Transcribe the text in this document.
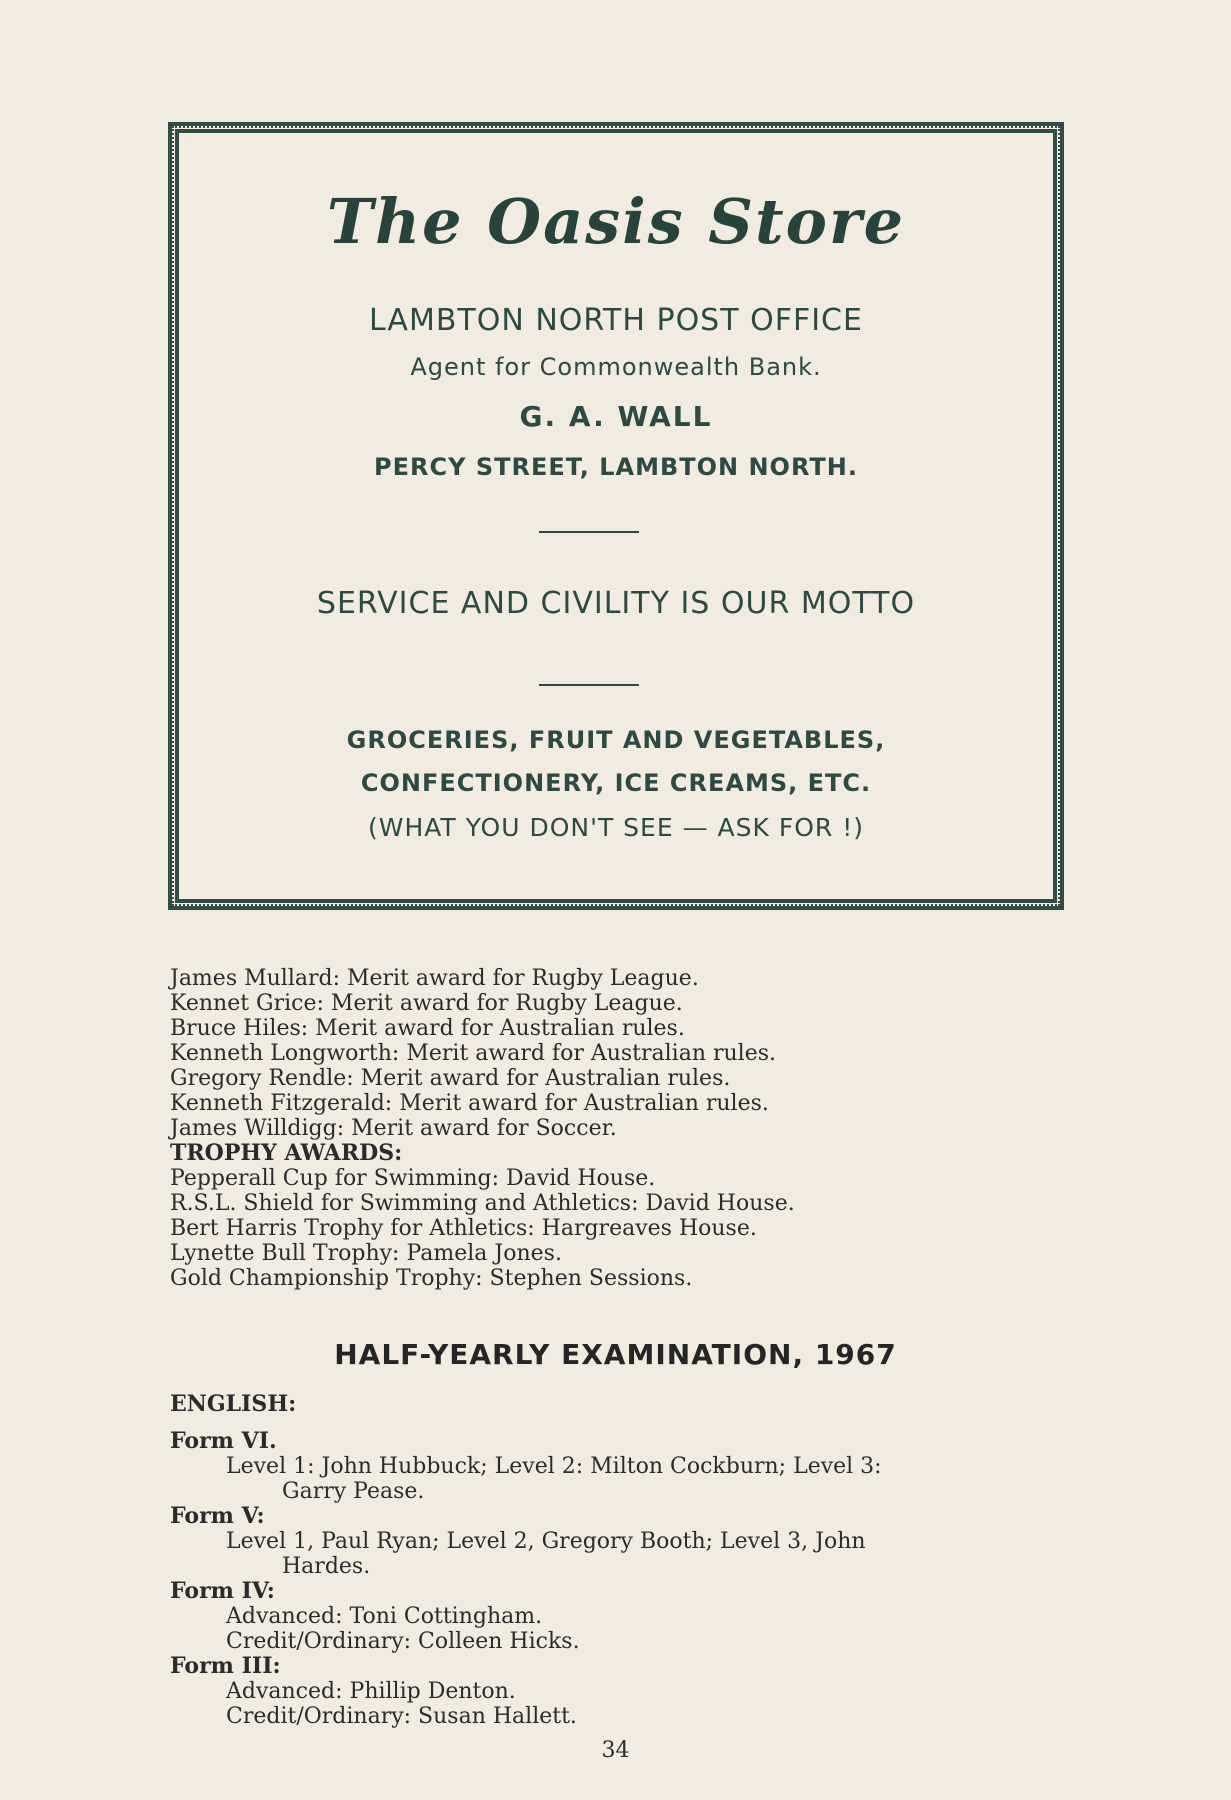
The Oasis Store
LAMBTON NORTH POST OFFICE
Agent for Commonwealth Bank.
G. A. WALL
PERCY STREET, LAMBTON NORTH.
SERVICE AND CIVILITY IS OUR MOTTO
GROCERIES, FRUIT AND VEGETABLES,
CONFECTIONERY, ICE CREAMS, ETC.
(WHAT YOU DON'T SEE — ASK FOR !)
James Mullard: Merit award for Rugby League.
Kennet Grice: Merit award for Rugby League.
Bruce Hiles: Merit award for Australian rules.
Kenneth Longworth: Merit award for Australian rules.
Gregory Rendle: Merit award for Australian rules.
Kenneth Fitzgerald: Merit award for Australian rules.
James Willdigg: Merit award for Soccer.
TROPHY AWARDS:
Pepperall Cup for Swimming: David House.
R.S.L. Shield for Swimming and Athletics: David House.
Bert Harris Trophy for Athletics: Hargreaves House.
Lynette Bull Trophy: Pamela Jones.
Gold Championship Trophy: Stephen Sessions.
HALF-YEARLY EXAMINATION, 1967
ENGLISH:
Form VI.
Level 1: John Hubbuck; Level 2: Milton Cockburn; Level 3:
Garry Pease.
Form V:
Level 1, Paul Ryan; Level 2, Gregory Booth; Level 3, John
Hardes.
Form IV:
Advanced: Toni Cottingham.
Credit/Ordinary: Colleen Hicks.
Form III:
Advanced: Phillip Denton.
Credit/Ordinary: Susan Hallett.
34
